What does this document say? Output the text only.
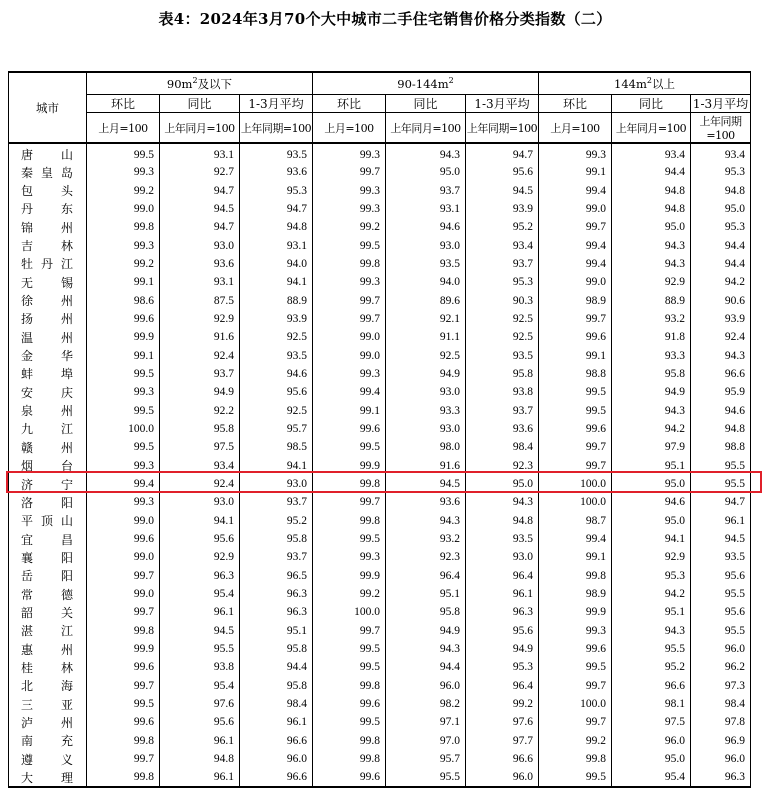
表4：2024年3月70个大中城市二手住宅销售价格分类指数（二）
城市	$90m^2$及以下			$90-144m^2$			$144m^2$以上		
	环比	同比	1-3月平均	环比	同比	1-3月平均	环比	同比	1-3月平均
	上月=100	上年同月=100	上年同期=100	上月=100	上年同月=100	上年同期=100	上月=100	上年同月=100	上年同期=100
唐山	99.5	93.1	93.5	99.3	94.3	94.7	99.3	93.4	93.4
秦皇岛	99.3	92.7	93.6	99.7	95.0	95.6	99.1	94.4	95.3
包头	99.2	94.7	95.3	99.3	93.7	94.5	99.4	94.8	94.8
丹东	99.0	94.5	94.7	99.3	93.1	93.9	99.0	94.8	95.0
锦州	99.8	94.7	94.8	99.2	94.6	95.2	99.7	95.0	95.3
吉林	99.3	93.0	93.1	99.5	93.0	93.4	99.4	94.3	94.4
牡丹江	99.2	93.6	94.0	99.8	93.5	93.7	99.4	94.3	94.4
无锡	99.1	93.1	94.1	99.3	94.0	95.3	99.0	92.9	94.2
徐州	98.6	87.5	88.9	99.7	89.6	90.3	98.9	88.9	90.6
扬州	99.6	92.9	93.9	99.7	92.1	92.5	99.7	93.2	93.9
温州	99.9	91.6	92.5	99.0	91.1	92.5	99.6	91.8	92.4
金华	99.1	92.4	93.5	99.0	92.5	93.5	99.1	93.3	94.3
蚌埠	99.5	93.7	94.6	99.3	94.9	95.8	98.8	95.8	96.6
安庆	99.3	94.9	95.6	99.4	93.0	93.8	99.5	94.9	95.9
泉州	99.5	92.2	92.5	99.1	93.3	93.7	99.5	94.3	94.6
九江	100.0	95.8	95.7	99.6	93.0	93.6	99.6	94.2	94.8
赣州	99.5	97.5	98.5	99.5	98.0	98.4	99.7	97.9	98.8
烟台	99.3	93.4	94.1	99.9	91.6	92.3	99.7	95.1	95.5
济宁	99.4	92.4	93.0	99.8	94.5	95.0	100.0	95.0	95.5
洛阳	99.3	93.0	93.7	99.7	93.6	94.3	100.0	94.6	94.7
平顶山	99.0	94.1	95.2	99.8	94.3	94.8	98.7	95.0	96.1
宜昌	99.6	95.6	95.8	99.5	93.2	93.5	99.4	94.1	94.5
襄阳	99.0	92.9	93.7	99.3	92.3	93.0	99.1	92.9	93.5
岳阳	99.7	96.3	96.5	99.9	96.4	96.4	99.8	95.3	95.6
常德	99.0	95.4	96.3	99.2	95.1	96.1	98.9	94.2	95.5
韶关	99.7	96.1	96.3	100.0	95.8	96.3	99.9	95.1	95.6
湛江	99.8	94.5	95.1	99.7	94.9	95.6	99.3	94.3	95.5
惠州	99.9	95.5	95.8	99.5	94.3	94.9	99.6	95.5	96.0
桂林	99.6	93.8	94.4	99.5	94.4	95.3	99.5	95.2	96.2
北海	99.7	95.4	95.8	99.8	96.0	96.4	99.7	96.6	97.3
三亚	99.5	97.6	98.4	99.6	98.2	99.2	100.0	98.1	98.4
泸州	99.6	95.6	96.1	99.5	97.1	97.6	99.7	97.5	97.8
南充	99.8	96.1	96.6	99.8	97.0	97.7	99.2	96.0	96.9
遵义	99.7	94.8	96.0	99.8	95.7	96.6	99.8	95.0	96.0
大理	99.8	96.1	96.6	99.6	95.5	96.0	99.5	95.4	96.3
